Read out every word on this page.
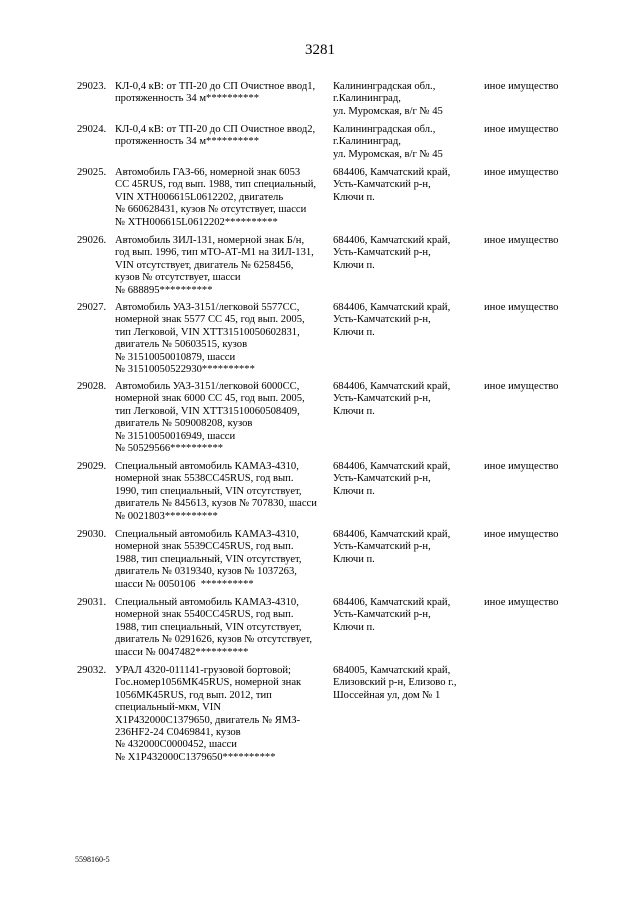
3281
29023. КЛ-0,4 кВ: от ТП-20 до СП Очистное ввод1,
протяженность 34 м**********
Калининградская обл.,
г.Калининград,
ул. Муромская, в/г № 45
иное имущество
29024. КЛ-0,4 кВ: от ТП-20 до СП Очистное ввод2,
протяженность 34 м**********
Калининградская обл.,
г.Калининград,
ул. Муромская, в/г № 45
иное имущество
29025. Автомобиль ГАЗ-66, номерной знак 6053
СС 45RUS, год вып. 1988, тип специальный,
VIN XTH006615L0612202, двигатель
№ 660628431, кузов № отсутствует, шасси
№ XTH006615L0612202**********
684406, Камчатский край,
Усть-Камчатский р-н,
Ключи п.
иное имущество
29026. Автомобиль ЗИЛ-131, номерной знак Б/н,
год вып. 1996, тип мТО-АТ-М1 на ЗИЛ-131,
VIN отсутствует, двигатель № 6258456,
кузов № отсутствует, шасси
№ 688895**********
684406, Камчатский край,
Усть-Камчатский р-н,
Ключи п.
иное имущество
29027. Автомобиль УАЗ-3151/легковой 5577СС,
номерной знак 5577 СС 45, год вып. 2005,
тип Легковой, VIN XTT31510050602831,
двигатель № 50603515, кузов
№ 31510050010879, шасси
№ 31510050522930**********
684406, Камчатский край,
Усть-Камчатский р-н,
Ключи п.
иное имущество
29028. Автомобиль УАЗ-3151/легковой 6000СС,
номерной знак 6000 СС 45, год вып. 2005,
тип Легковой, VIN XTT31510060508409,
двигатель № 509008208, кузов
№ 31510050016949, шасси
№ 50529566**********
684406, Камчатский край,
Усть-Камчатский р-н,
Ключи п.
иное имущество
29029. Специальный автомобиль КАМАЗ-4310,
номерной знак 5538СС45RUS, год вып.
1990, тип специальный, VIN отсутствует,
двигатель № 845613, кузов № 707830, шасси
№ 0021803**********
684406, Камчатский край,
Усть-Камчатский р-н,
Ключи п.
иное имущество
29030. Специальный автомобиль КАМАЗ-4310,
номерной знак 5539СС45RUS, год вып.
1988, тип специальный, VIN отсутствует,
двигатель № 0319340, кузов № 1037263,
шасси № 0050106  **********
684406, Камчатский край,
Усть-Камчатский р-н,
Ключи п.
иное имущество
29031. Специальный автомобиль КАМАЗ-4310,
номерной знак 5540СС45RUS, год вып.
1988, тип специальный, VIN отсутствует,
двигатель № 0291626, кузов № отсутствует,
шасси № 0047482**********
684406, Камчатский край,
Усть-Камчатский р-н,
Ключи п.
иное имущество
29032. УРАЛ 4320-011141-грузовой бортовой;
Гос.номер1056МК45RUS, номерной знак
1056МК45RUS, год вып. 2012, тип
специальный-мкм, VIN
X1P432000C1379650, двигатель № ЯМЗ-
236НF2-24 С0469841, кузов
№ 432000С0000452, шасси
№ X1P432000C1379650**********
684005, Камчатский край,
Елизовский р-н, Елизово г.,
Шоссейная ул, дом № 1
5598160-5
